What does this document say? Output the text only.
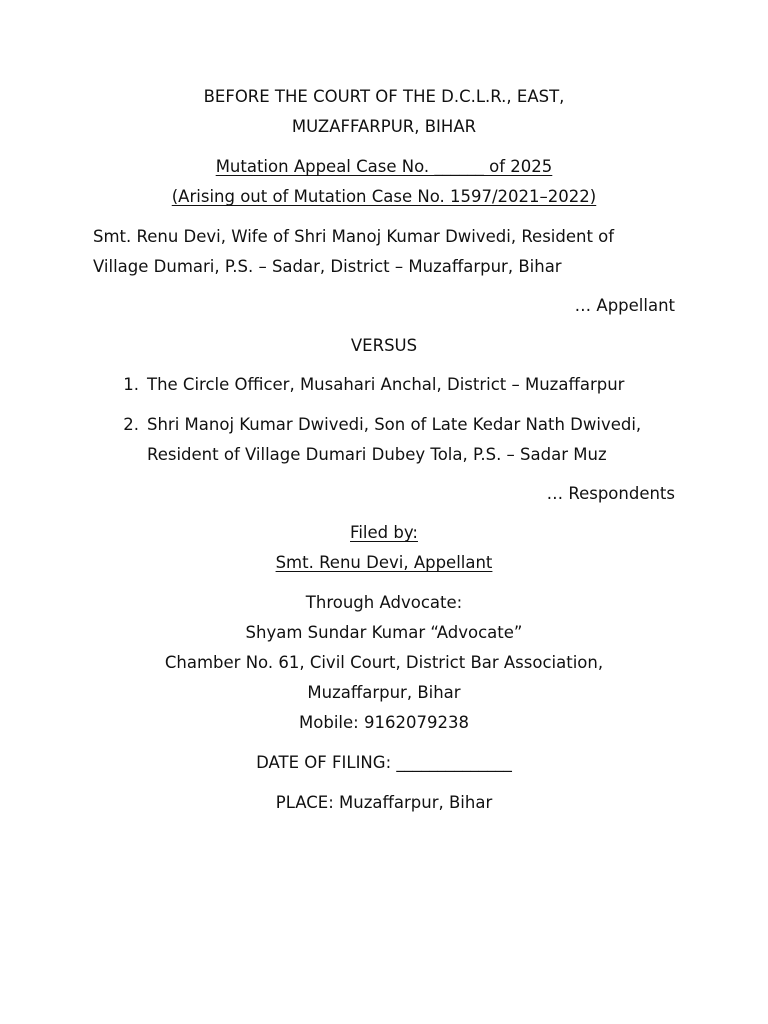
BEFORE THE COURT OF THE D.C.L.R., EAST,
MUZAFFARPUR, BIHAR
Mutation Appeal Case No. ______ of 2025
(Arising out of Mutation Case No. 1597/2021–2022)
Smt. Renu Devi, Wife of Shri Manoj Kumar Dwivedi, Resident of
Village Dumari, P.S. – Sadar, District – Muzaffarpur, Bihar
… Appellant
VERSUS
1. The Circle Officer, Musahari Anchal, District – Muzaffarpur
2. Shri Manoj Kumar Dwivedi, Son of Late Kedar Nath Dwivedi,
Resident of Village Dumari Dubey Tola, P.S. – Sadar Muz
… Respondents
Filed by:
Smt. Renu Devi, Appellant
Through Advocate:
Shyam Sundar Kumar “Advocate”
Chamber No. 61, Civil Court, District Bar Association,
Muzaffarpur, Bihar
Mobile: 9162079238
DATE OF FILING: ______________
PLACE: Muzaffarpur, Bihar
